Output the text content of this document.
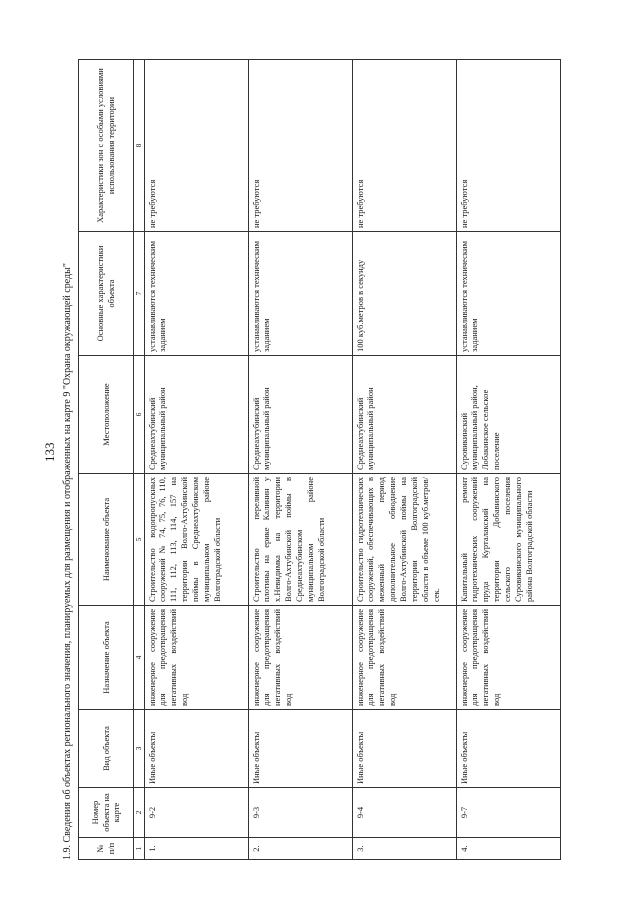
133 1.9. Сведения об объектах регионального значения, планируемых для размещения и отображенных на карте 9 "Охрана окружающей среды"	№ п/п	Номер объекта на карте	Вид объекта	Назначение объекта	Наименование объекта	Местоположение	Основные характеристики объекта	Характеристики зон с особыми условиями использования территории
1	2	3	4	5	6	7	8
1.	9-2	Иные объекты	инженерное сооружение для предотвращения негативных воздействий вод	Строительство водопропускных сооружений № 74, 75, 76, 110, 111, 112, 113, 114, 157 на территории Волго-Ахтубинской поймы в Среднеахтубинском муниципальном районе Волгоградской области	Среднеахтубинский муниципальный район	устанавливаются техническим заданием	не требуются
2.	9-3	Иные объекты	инженерное сооружение для предотвращения негативных воздействий вод	Строительство переливной плотины на ерике Калинин у х.Невидимка на территории Волго-Ахтубинской поймы в Среднеахтубинском муниципальном районе Волгоградской области	Среднеахтубинский муниципальный район	устанавливаются техническим заданием	не требуются
3.	9-4	Иные объекты	инженерное сооружение для предотвращения негативных воздействий вод	Строительство гидротехнических сооружений, обеспечивающих в меженный период дополнительное обводнение Волго-Ахтубинской поймы на территории Волгоградской области в объеме 100 куб.метров/сек.	Среднеахтубинский муниципальный район	100 куб.метров в секунду	не требуются
4.	9-7	Иные объекты	инженерное сооружение для предотвращения негативных воздействий вод	Капитальный ремонт гидротехнических сооружений пруда Курталакский на территории Добавинского сельского поселения Суровикинского муниципального района Волгоградской области	Суровикинский муниципальный район, Лобакинское сельское поселение	устанавливаются техническим заданием	не требуются
